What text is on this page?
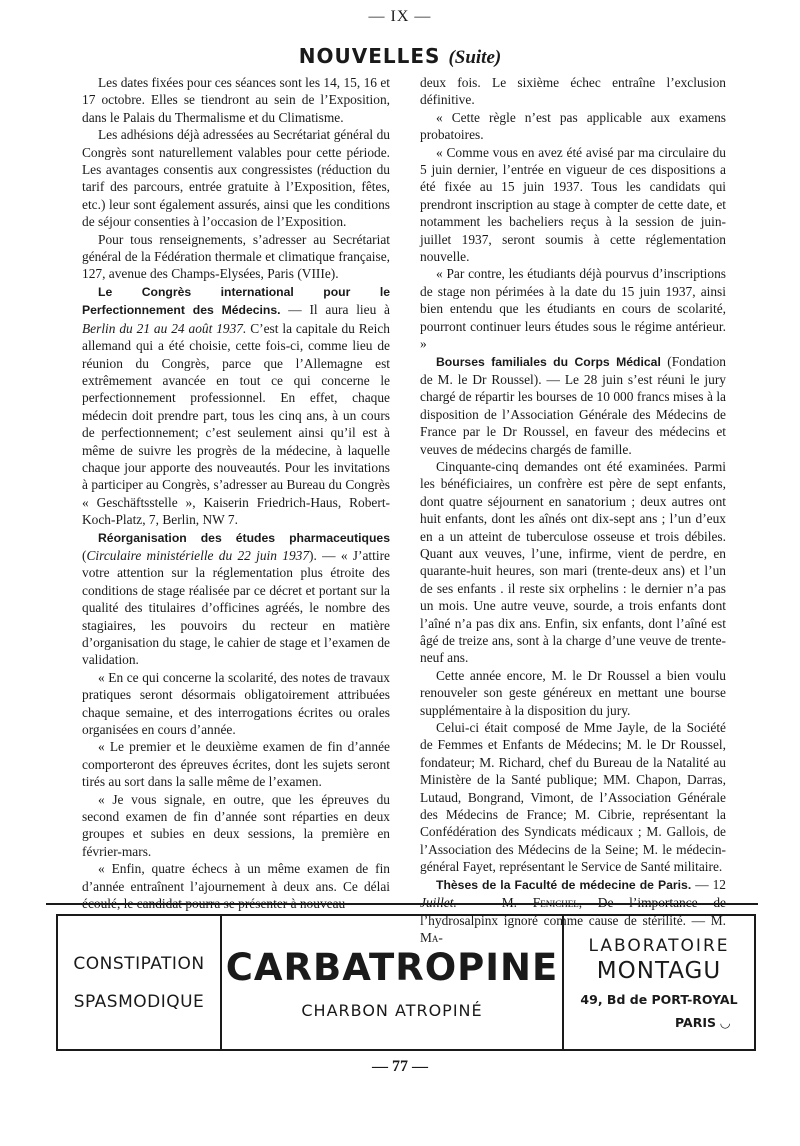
— IX —
NOUVELLES (Suite)

Les dates fixées pour ces séances sont les 14, 15, 16 et 17 octobre. Elles se tiendront au sein de l’Exposition, dans le Palais du Thermalisme et du Climatisme.

Les adhésions déjà adressées au Secrétariat général du Congrès sont naturellement valables pour cette période. Les avantages consentis aux congressistes (réduction du tarif des parcours, entrée gratuite à l’Exposition, fêtes, etc.) leur sont également assurés, ainsi que les conditions de séjour consenties à l’occasion de l’Exposition.

Pour tous renseignements, s’adresser au Secrétariat général de la Fédération thermale et climatique française, 127, avenue des Champs-Elysées, Paris (VIIIe).

Le Congrès international pour le Perfectionnement des Médecins. — Il aura lieu à Berlin du 21 au 24 août 1937. C’est la capitale du Reich allemand qui a été choisie, cette fois-ci, comme lieu de réunion du Congrès, parce que l’Allemagne est extrêmement avancée en tout ce qui concerne le perfectionnement professionnel. En effet, chaque médecin doit prendre part, tous les cinq ans, à un cours de perfectionnement; c’est seulement ainsi qu’il est à même de suivre les progrès de la médecine, à laquelle chaque jour apporte des nouveautés. Pour les invitations à participer au Congrès, s’adresser au Bureau du Congrès « Geschäftsstelle », Kaiserin Friedrich-Haus, Robert-Koch-Platz, 7, Berlin, NW 7.

Réorganisation des études pharmaceutiques (Circulaire ministérielle du 22 juin 1937). — « J’attire votre attention sur la réglementation plus étroite des conditions de stage réalisée par ce décret et portant sur la qualité des titulaires d’officines agréés, le nombre des stagiaires, les pouvoirs du recteur en matière d’organisation du stage, le cahier de stage et l’examen de validation.

« En ce qui concerne la scolarité, des notes de travaux pratiques seront désormais obligatoirement attribuées chaque semaine, et des interrogations écrites ou orales organisées en cours d’année.

« Le premier et le deuxième examen de fin d’année comporteront des épreuves écrites, dont les sujets seront tirés au sort dans la salle même de l’examen.

« Je vous signale, en outre, que les épreuves du second examen de fin d’année sont réparties en deux groupes et subies en deux sessions, la première en février-mars.

« Enfin, quatre échecs à un même examen de fin d’année entraînent l’ajournement à deux ans. Ce délai écoulé, le candidat pourra se présenter à nouveau

deux fois. Le sixième échec entraîne l’exclusion définitive.

« Cette règle n’est pas applicable aux examens probatoires.

« Comme vous en avez été avisé par ma circulaire du 5 juin dernier, l’entrée en vigueur de ces dispositions a été fixée au 15 juin 1937. Tous les candidats qui prendront inscription au stage à compter de cette date, et notamment les bacheliers reçus à la session de juin-juillet 1937, seront soumis à cette réglementation nouvelle.

« Par contre, les étudiants déjà pourvus d’inscriptions de stage non périmées à la date du 15 juin 1937, ainsi bien entendu que les étudiants en cours de scolarité, pourront continuer leurs études sous le régime antérieur. »

Bourses familiales du Corps Médical (Fondation de M. le Dr Roussel). — Le 28 juin s’est réuni le jury chargé de répartir les bourses de 10 000 francs mises à la disposition de l’Association Générale des Médecins de France par le Dr Roussel, en faveur des médecins et veuves de médecins chargés de famille.

Cinquante-cinq demandes ont été examinées. Parmi les bénéficiaires, un confrère est père de sept enfants, dont quatre séjournent en sanatorium ; deux autres ont huit enfants, dont les aînés ont dix-sept ans ; l’un d’eux en a un atteint de tuberculose osseuse et trois débiles. Quant aux veuves, l’une, infirme, vient de perdre, en quarante-huit heures, son mari (trente-deux ans) et l’un de ses enfants . il reste six orphelins : le dernier n’a pas un mois. Une autre veuve, sourde, a trois enfants dont l’aîné n’a pas dix ans. Enfin, six enfants, dont l’aîné est âgé de treize ans, sont à la charge d’une veuve de trente-neuf ans.

Cette année encore, M. le Dr Roussel a bien voulu renouveler son geste généreux en mettant une bourse supplémentaire à la disposition du jury.

Celui-ci était composé de Mme Jayle, de la Société de Femmes et Enfants de Médecins; M. le Dr Roussel, fondateur; M. Richard, chef du Bureau de la Natalité au Ministère de la Santé publique; MM. Chapon, Darras, Lutaud, Bongrand, Vimont, de l’Association Générale des Médecins de France; M. Cibrie, représentant la Confédération des Syndicats médicaux ; M. Gallois, de l’Association des Médecins de la Seine; M. le médecin-général Fayet, représentant le Service de Santé militaire.

Thèses de la Faculté de médecine de Paris. — 12 Juillet. — M. Fenichel, De l’importance de l’hydrosalpinx ignoré comme cause de stérilité. — M. Ma-

CONSTIPATION
SPASMODIQUE
CARBATROPINE
CHARBON ATROPINÉ
LABORATOIRE
MONTAGU
49, Bd de PORT-ROYAL
PARIS ◡
— 77 —
